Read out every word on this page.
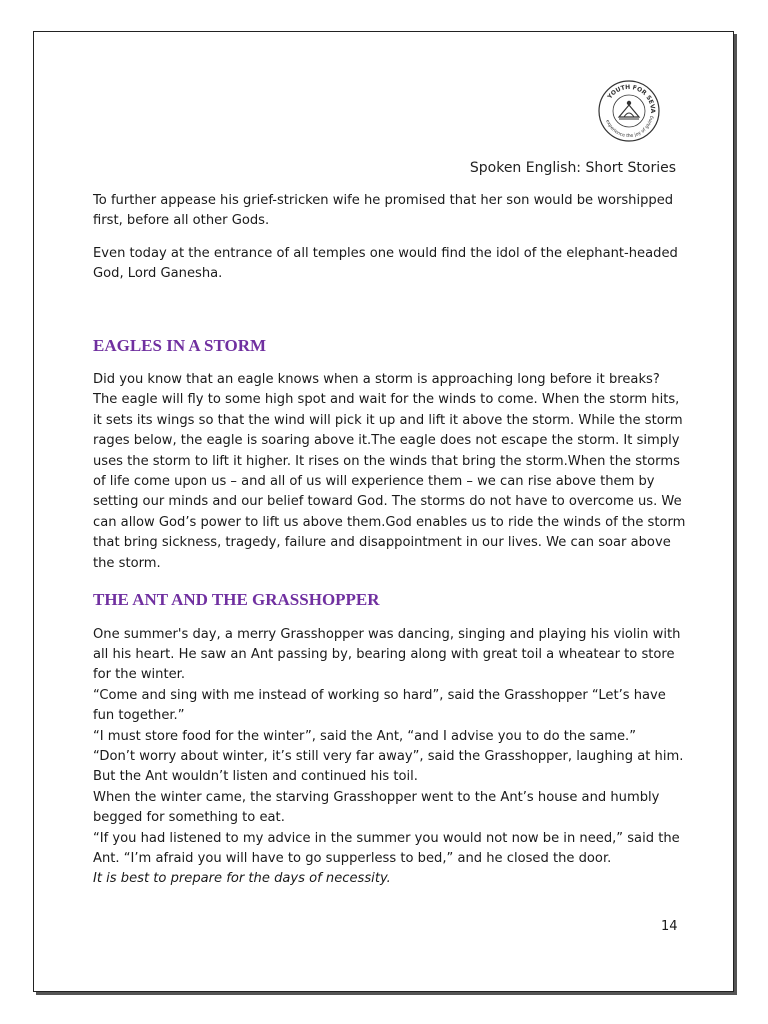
YOUTH FOR SEVA
experience the joy of giving
Spoken English: Short Stories

To further appease his grief-stricken wife he promised that her son would be worshipped first, before all other Gods.

Even today at the entrance of all temples one would find the idol of the elephant-headed God, Lord Ganesha.

EAGLES IN A STORM

Did you know that an eagle knows when a storm is approaching long before it breaks? The eagle will fly to some high spot and wait for the winds to come. When the storm hits, it sets its wings so that the wind will pick it up and lift it above the storm. While the storm rages below, the eagle is soaring above it.The eagle does not escape the storm. It simply uses the storm to lift it higher. It rises on the winds that bring the storm.When the storms of life come upon us – and all of us will experience them – we can rise above them by setting our minds and our belief toward God. The storms do not have to overcome us. We can allow God’s power to lift us above them.God enables us to ride the winds of the storm that bring sickness, tragedy, failure and disappointment in our lives. We can soar above the storm.

THE ANT AND THE GRASSHOPPER

One summer's day, a merry Grasshopper was dancing, singing and playing his violin with all his heart. He saw an Ant passing by, bearing along with great toil a wheatear to store for the winter.

“Come and sing with me instead of working so hard”, said the Grasshopper “Let’s have fun together.”

“I must store food for the winter”, said the Ant, “and I advise you to do the same.”

“Don’t worry about winter, it’s still very far away”, said the Grasshopper, laughing at him. But the Ant wouldn’t listen and continued his toil.

When the winter came, the starving Grasshopper went to the Ant’s house and humbly begged for something to eat.

“If you had listened to my advice in the summer you would not now be in need,” said the Ant. “I’m afraid you will have to go supperless to bed,” and he closed the door.

It is best to prepare for the days of necessity.

14
